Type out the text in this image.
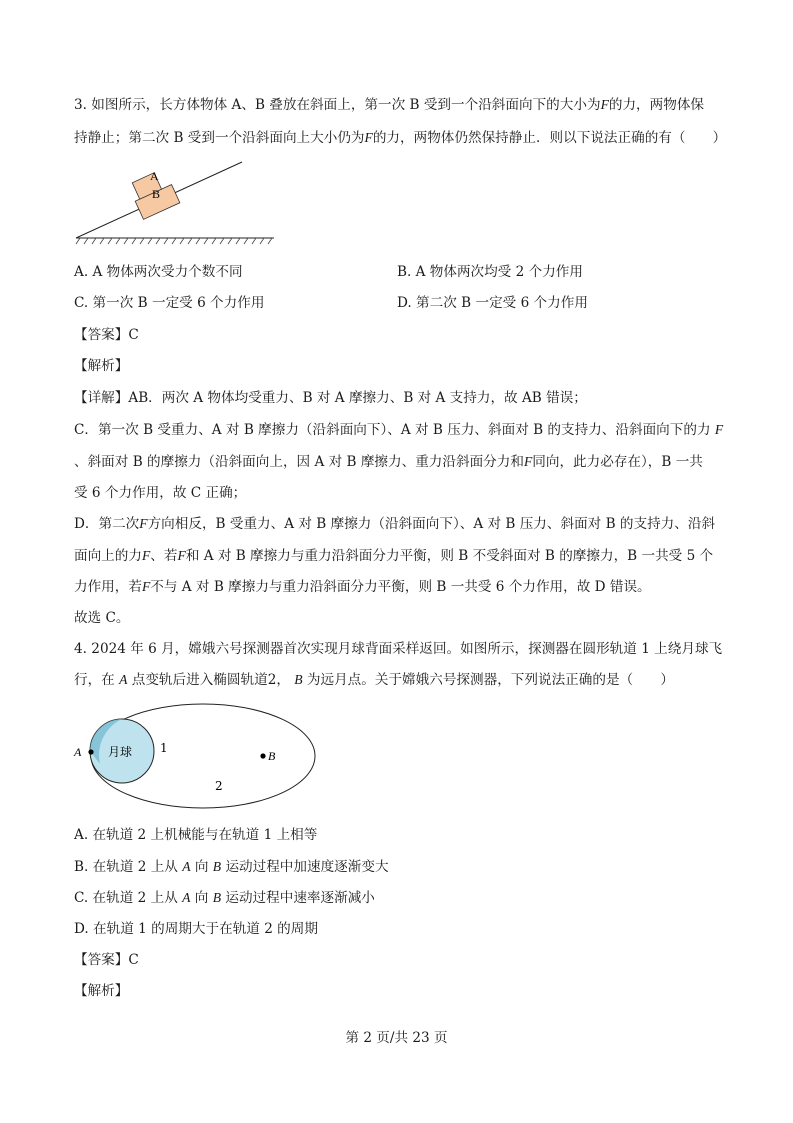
3. 如图所示，长方体物体 A、B 叠放在斜面上，第一次 B 受到一个沿斜面向下的大小为F的力，两物体保
持静止；第二次 B 受到一个沿斜面向上大小仍为F的力，两物体仍然保持静止．则以下说法正确的有（　　）
A
B
A. A 物体两次受力个数不同	B. A 物体两次均受 2 个力作用
C. 第一次 B 一定受 6 个力作用	D. 第二次 B 一定受 6 个力作用
【答案】C
【解析】
【详解】AB．两次 A 物体均受重力、B 对 A 摩擦力、B 对 A 支持力，故 AB 错误；
C．第一次 B 受重力、A 对 B 摩擦力（沿斜面向下）、A 对 B 压力、斜面对 B 的支持力、沿斜面向下的力 F
、斜面对 B 的摩擦力（沿斜面向上，因 A 对 B 摩擦力、重力沿斜面分力和F同向，此力必存在），B 一共
受 6 个力作用，故 C 正确；
D．第二次F方向相反，B 受重力、A 对 B 摩擦力（沿斜面向下）、A 对 B 压力、斜面对 B 的支持力、沿斜
面向上的力F、若F和 A 对 B 摩擦力与重力沿斜面分力平衡，则 B 不受斜面对 B 的摩擦力，B 一共受 5 个
力作用，若F不与 A 对 B 摩擦力与重力沿斜面分力平衡，则 B 一共受 6 个力作用，故 D 错误。
故选 C。
4. 2024 年 6 月，嫦娥六号探测器首次实现月球背面采样返回。如图所示，探测器在圆形轨道 1 上绕月球飞
行，在 A 点变轨后进入椭圆轨道2， B 为远月点。关于嫦娥六号探测器，下列说法正确的是（　　）
月球
A	B
1
2
A. 在轨道 2 上机械能与在轨道 1 上相等
B. 在轨道 2 上从 A 向 B 运动过程中加速度逐渐变大
C. 在轨道 2 上从 A 向 B 运动过程中速率逐渐减小
D. 在轨道 1 的周期大于在轨道 2 的周期
【答案】C
【解析】
第 2 页/共 23 页
